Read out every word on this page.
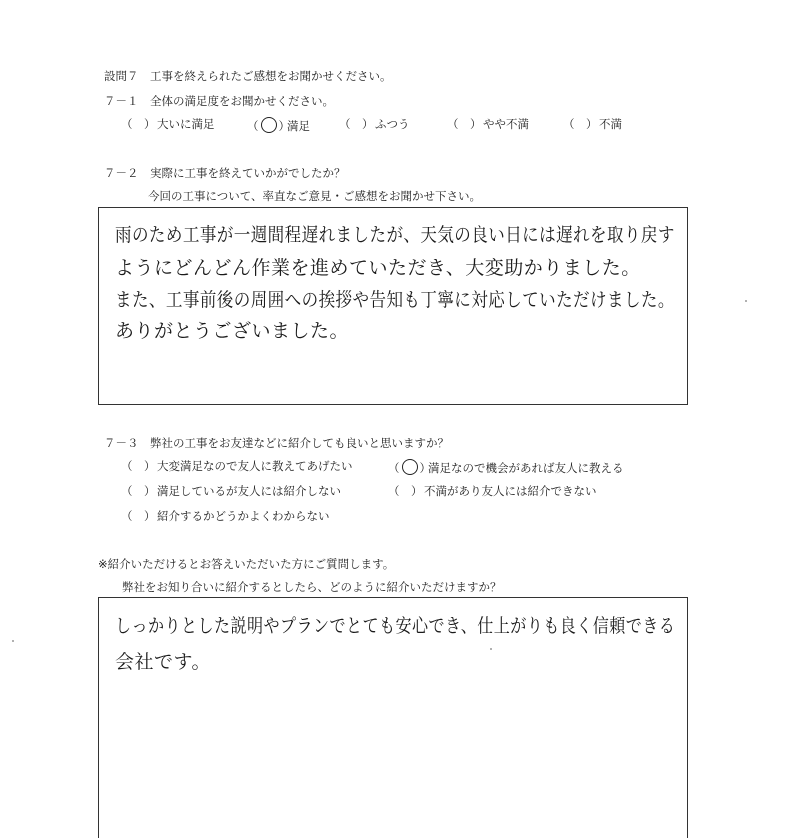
設問７　工事を終えられたご感想をお聞かせください。
７－１　全体の満足度をお聞かせください。
（　） 大いに満足	（ ）満足	（　） ふつう	（　） やや不満	（　） 不満
７－２　実際に工事を終えていかがでしたか？
今回の工事について、率直なご意見・ご感想をお聞かせ下さい。
雨のため工事が一週間程遅れましたが、天気の良い日には遅れを取り戻す
ようにどんどん作業を進めていただき、大変助かりました。
また、工事前後の周囲への挨拶や告知も丁寧に対応していただけました。
ありがとうございました。
７－３　弊社の工事をお友達などに紹介しても良いと思いますか？
（　） 大変満足なので友人に教えてあげたい	（ ）満足なので機会があれば友人に教える
（　） 満足しているが友人には紹介しない	（　） 不満があり友人には紹介できない
（　） 紹介するかどうかよくわからない
※紹介いただけるとお答えいただいた方にご質問します。
弊社をお知り合いに紹介するとしたら、どのように紹介いただけますか？
しっかりとした説明やプランでとても安心でき、仕上がりも良く信頼できる
会社です。
